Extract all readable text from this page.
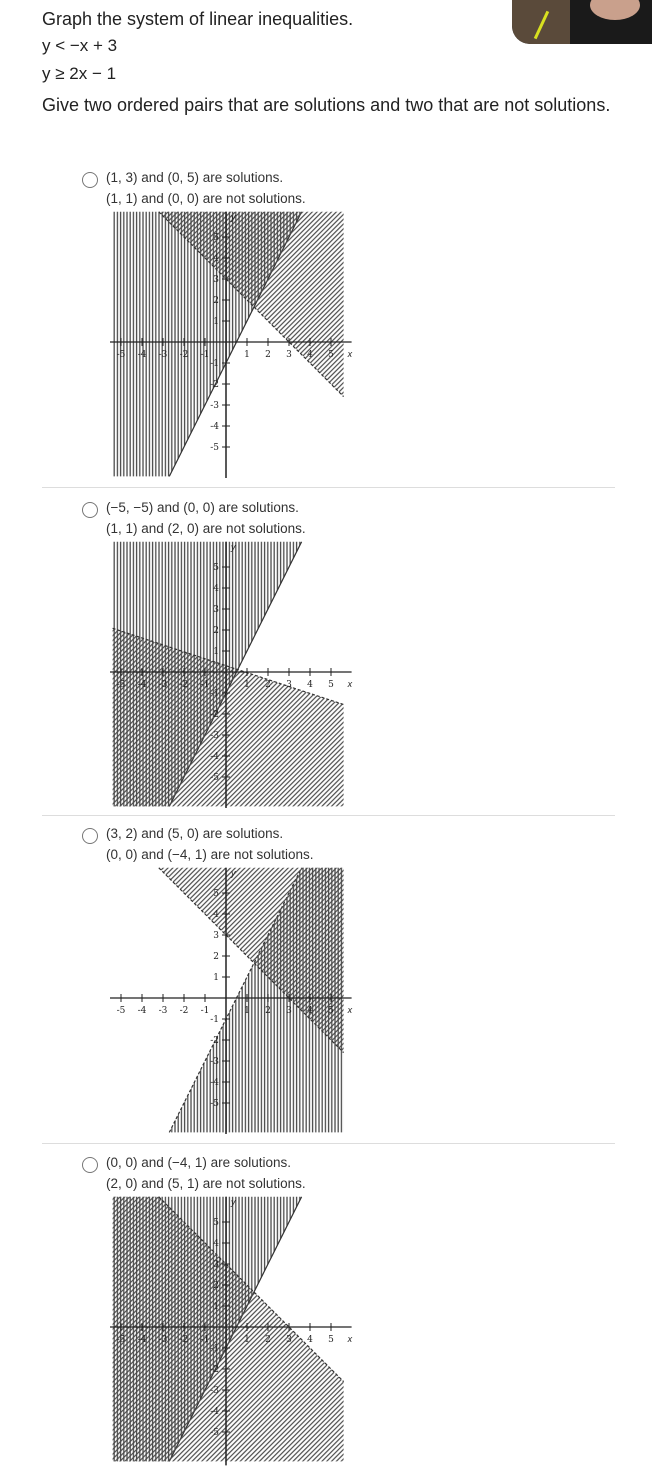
Graph the system of linear inequalities.
y < −x + 3
y ≥ 2x − 1
Give two ordered pairs that are solutions and two that are not solutions.
(1, 3) and (0, 5) are solutions.
(1, 1) and (0, 0) are not solutions.
-5
-5
-4
-4
-3
-3
-2
-2
-1
-1
1
1
2
2
3
3
4
4
5
5
x
y
(−5, −5) and (0, 0) are solutions.
(1, 1) and (2, 0) are not solutions.
-5
-5
-4
-4
-3
-3
-2
-2
-1
-1
1
1
2
2
3
3
4
4
5
5
x
y
(3, 2) and (5, 0) are solutions.
(0, 0) and (−4, 1) are not solutions.
-5
-5
-4
-4
-3
-3
-2
-2
-1
-1
1
1
2
2
3
3
4
4
5
5
x
y
(0, 0) and (−4, 1) are solutions.
(2, 0) and (5, 1) are not solutions.
-5
-5
-4
-4
-3
-3
-2
-2
-1
-1
1
1
2
2
3
3
4
4
5
5
x
y
